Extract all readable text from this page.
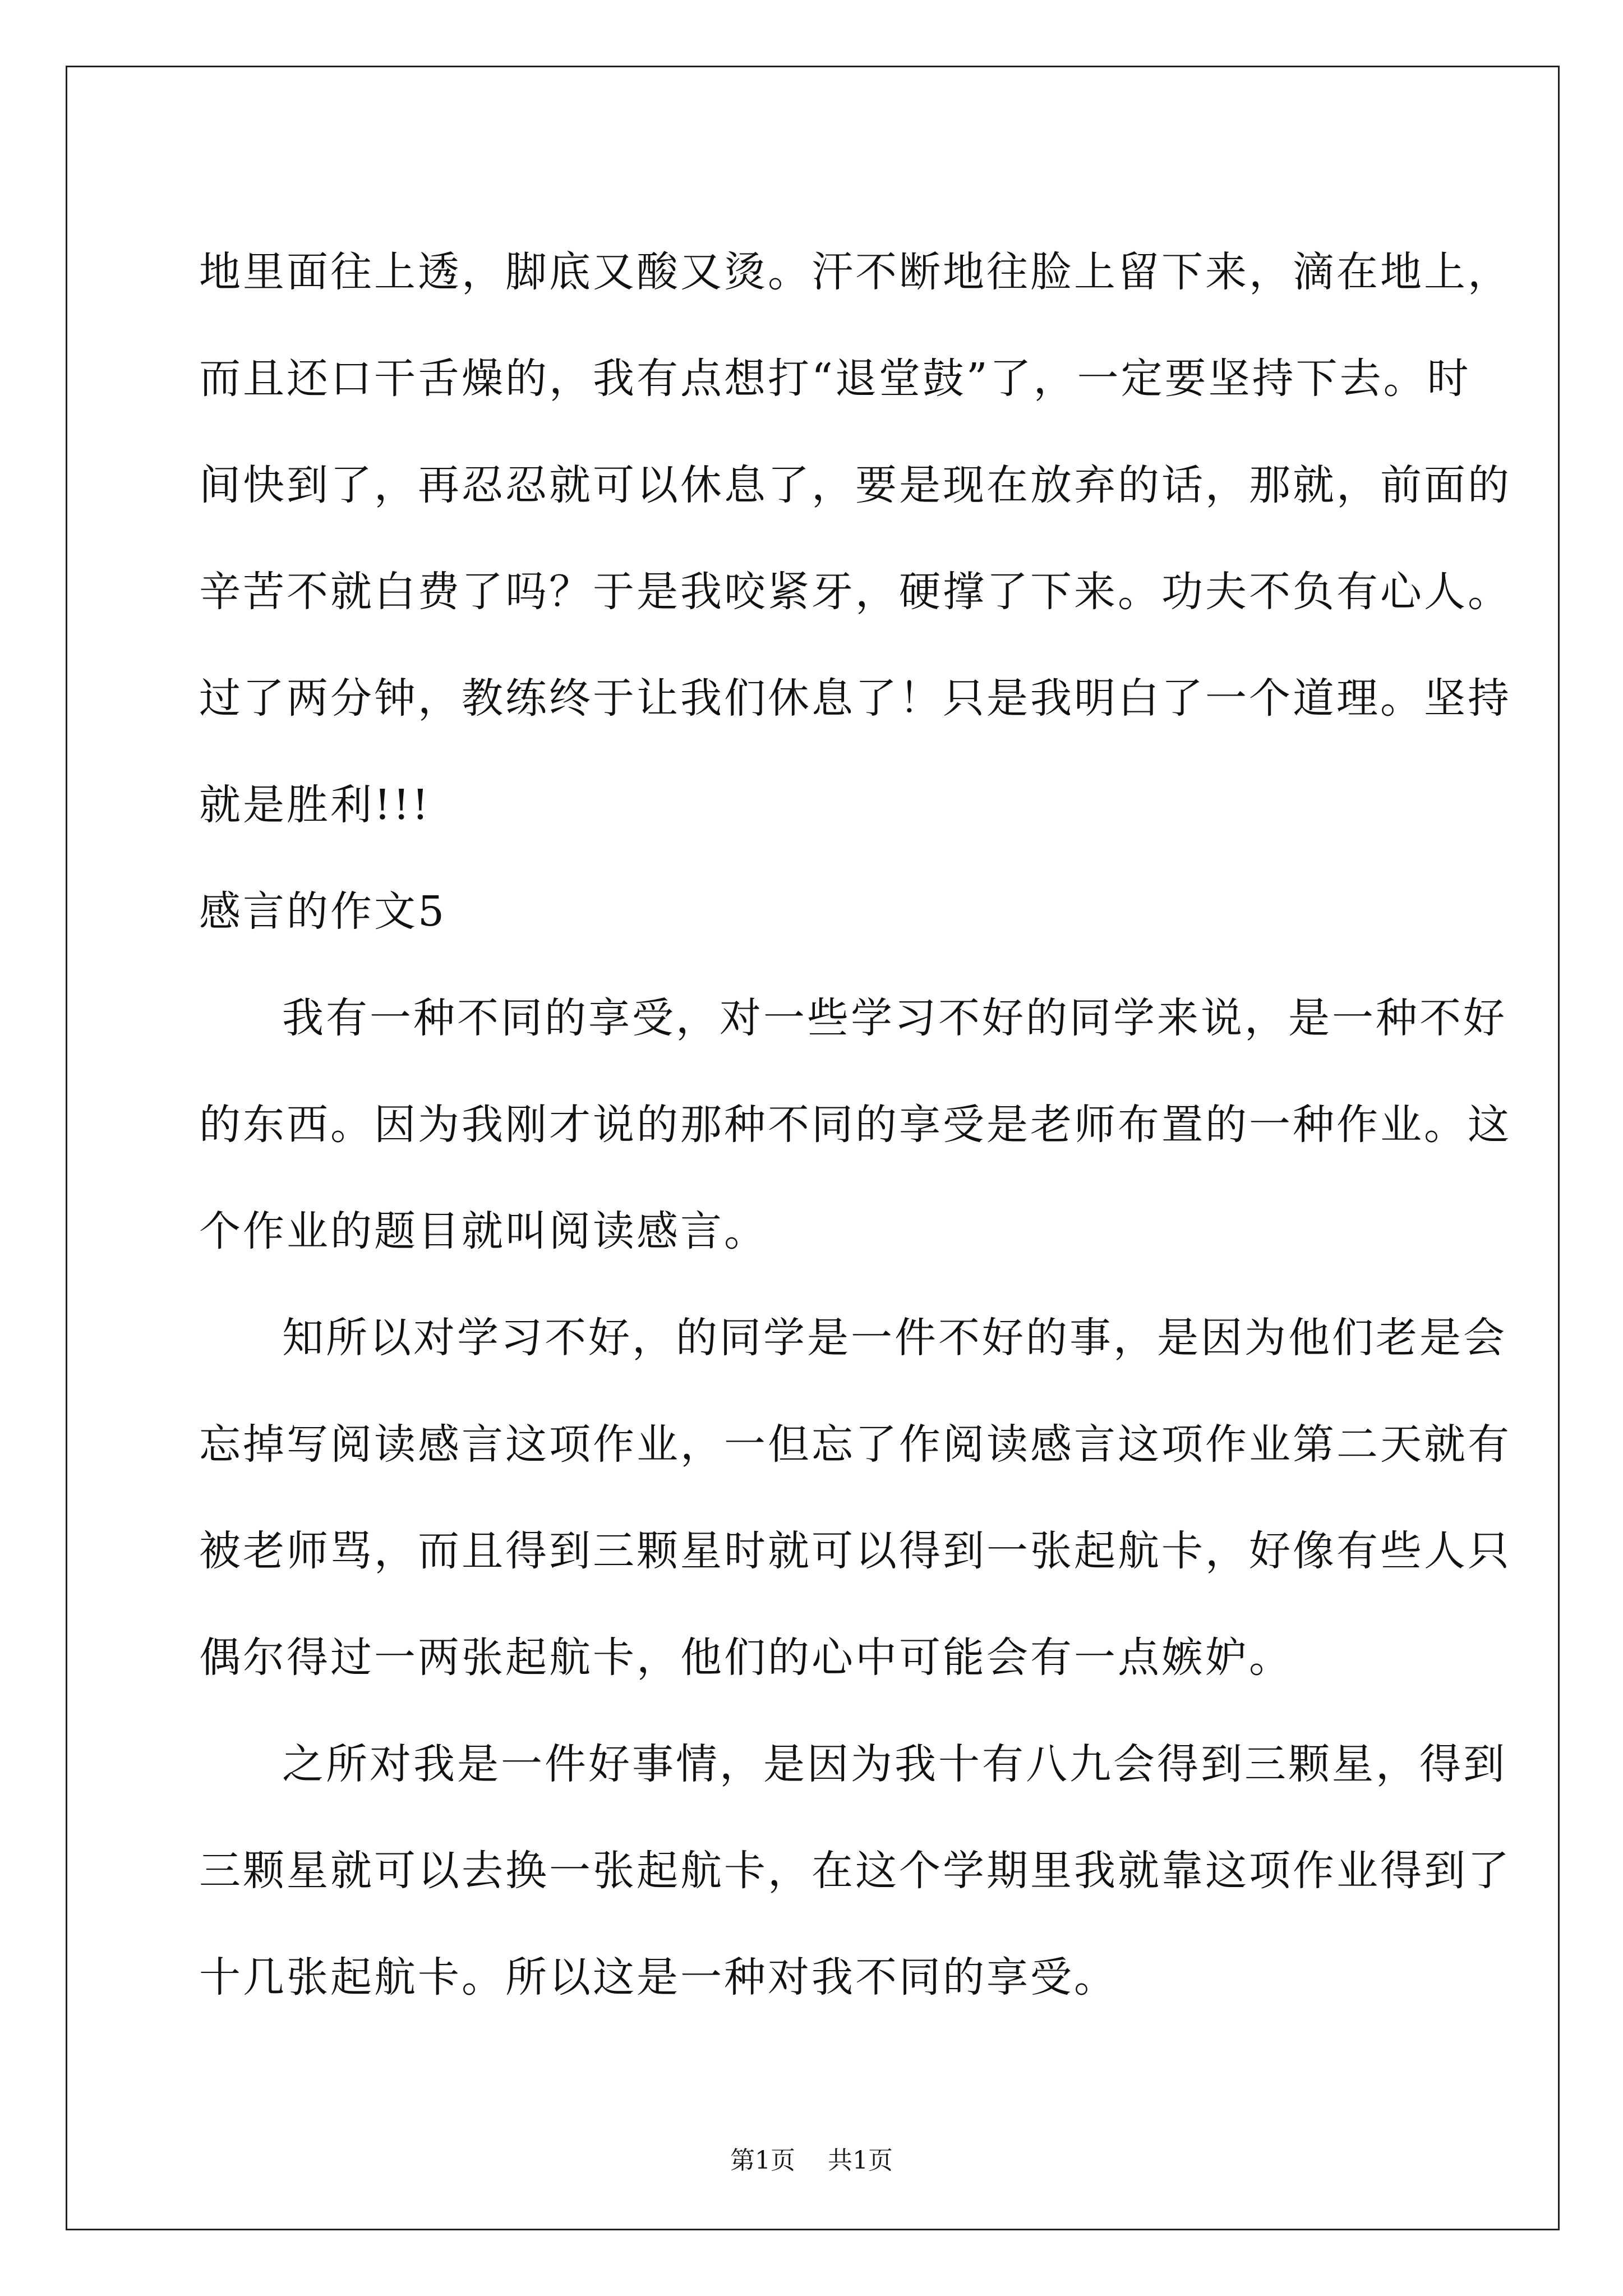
地里面往上透，脚底又酸又烫。汗不断地往脸上留下来，滴在地上，
而且还口干舌燥的，我有点想打“退堂鼓”了，一定要坚持下去。时
间快到了，再忍忍就可以休息了，要是现在放弃的话，那就，前面的
辛苦不就白费了吗？于是我咬紧牙，硬撑了下来。功夫不负有心人。
过了两分钟，教练终于让我们休息了！只是我明白了一个道理。坚持
就是胜利!!!
感言的作文5
我有一种不同的享受，对一些学习不好的同学来说，是一种不好
的东西。因为我刚才说的那种不同的享受是老师布置的一种作业。这
个作业的题目就叫阅读感言。
知所以对学习不好，的同学是一件不好的事，是因为他们老是会
忘掉写阅读感言这项作业，一但忘了作阅读感言这项作业第二天就有
被老师骂，而且得到三颗星时就可以得到一张起航卡，好像有些人只
偶尔得过一两张起航卡，他们的心中可能会有一点嫉妒。
之所对我是一件好事情，是因为我十有八九会得到三颗星，得到
三颗星就可以去换一张起航卡，在这个学期里我就靠这项作业得到了
十几张起航卡。所以这是一种对我不同的享受。
第1页 共1页
